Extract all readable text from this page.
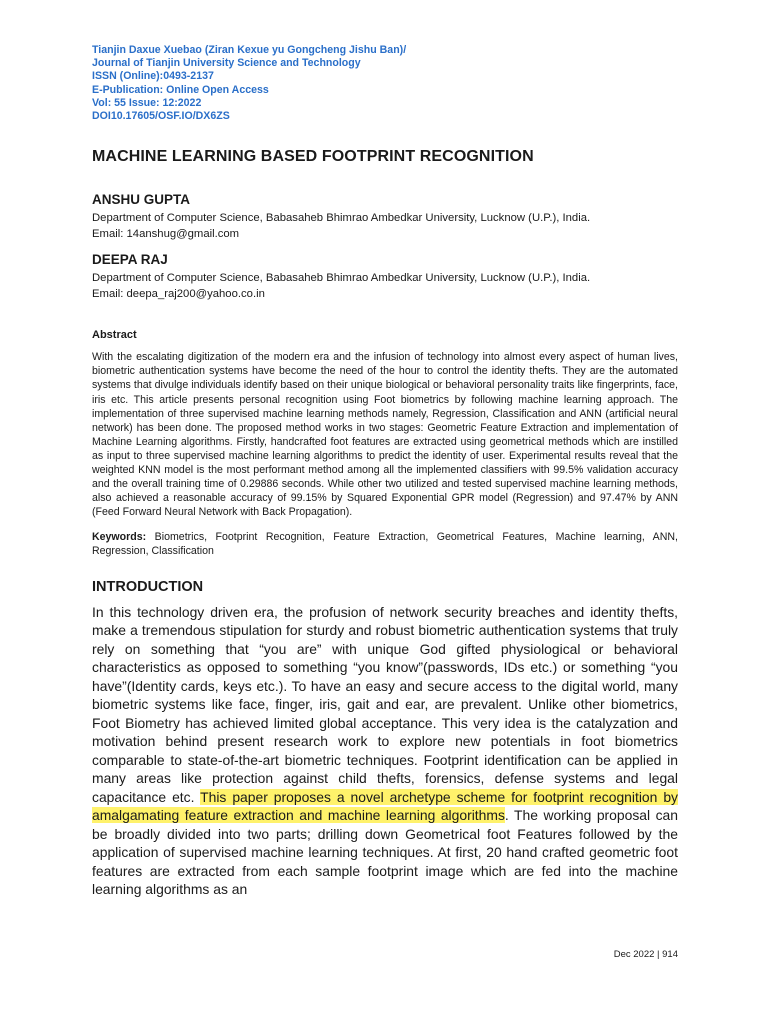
Tianjin Daxue Xuebao (Ziran Kexue yu Gongcheng Jishu Ban)/
Journal of Tianjin University Science and Technology
ISSN (Online):0493-2137
E-Publication: Online Open Access
Vol: 55 Issue: 12:2022
DOI10.17605/OSF.IO/DX6ZS
MACHINE LEARNING BASED FOOTPRINT RECOGNITION
ANSHU GUPTA
Department of Computer Science, Babasaheb Bhimrao Ambedkar University, Lucknow (U.P.), India.
Email: 14anshug@gmail.com
DEEPA RAJ
Department of Computer Science, Babasaheb Bhimrao Ambedkar University, Lucknow (U.P.), India.
Email: deepa_raj200@yahoo.co.in
Abstract
With the escalating digitization of the modern era and the infusion of technology into almost every aspect of human lives, biometric authentication systems have become the need of the hour to control the identity thefts. They are the automated systems that divulge individuals identify based on their unique biological or behavioral personality traits like fingerprints, face, iris etc. This article presents personal recognition using Foot biometrics by following machine learning approach. The implementation of three supervised machine learning methods namely, Regression, Classification and ANN (artificial neural network) has been done. The proposed method works in two stages: Geometric Feature Extraction and implementation of Machine Learning algorithms. Firstly, handcrafted foot features are extracted using geometrical methods which are instilled as input to three supervised machine learning algorithms to predict the identity of user. Experimental results reveal that the weighted KNN model is the most performant method among all the implemented classifiers with 99.5% validation accuracy and the overall training time of 0.29886 seconds. While other two utilized and tested supervised machine learning methods, also achieved a reasonable accuracy of 99.15% by Squared Exponential GPR model (Regression) and 97.47% by ANN (Feed Forward Neural Network with Back Propagation).
Keywords: Biometrics, Footprint Recognition, Feature Extraction, Geometrical Features, Machine learning, ANN, Regression, Classification
INTRODUCTION
In this technology driven era, the profusion of network security breaches and identity thefts, make a tremendous stipulation for sturdy and robust biometric authentication systems that truly rely on something that “you are” with unique God gifted physiological or behavioral characteristics as opposed to something “you know”(passwords, IDs etc.) or something “you have”(Identity cards, keys etc.). To have an easy and secure access to the digital world, many biometric systems like face, finger, iris, gait and ear, are prevalent. Unlike other biometrics, Foot Biometry has achieved limited global acceptance. This very idea is the catalyzation and motivation behind present research work to explore new potentials in foot biometrics comparable to state-of-the-art biometric techniques. Footprint identification can be applied in many areas like protection against child thefts, forensics, defense systems and legal capacitance etc. This paper proposes a novel archetype scheme for footprint recognition by amalgamating feature extraction and machine learning algorithms. The working proposal can be broadly divided into two parts; drilling down Geometrical foot Features followed by the application of supervised machine learning techniques. At first, 20 hand crafted geometric foot features are extracted from each sample footprint image which are fed into the machine learning algorithms as an
Dec 2022 | 914
